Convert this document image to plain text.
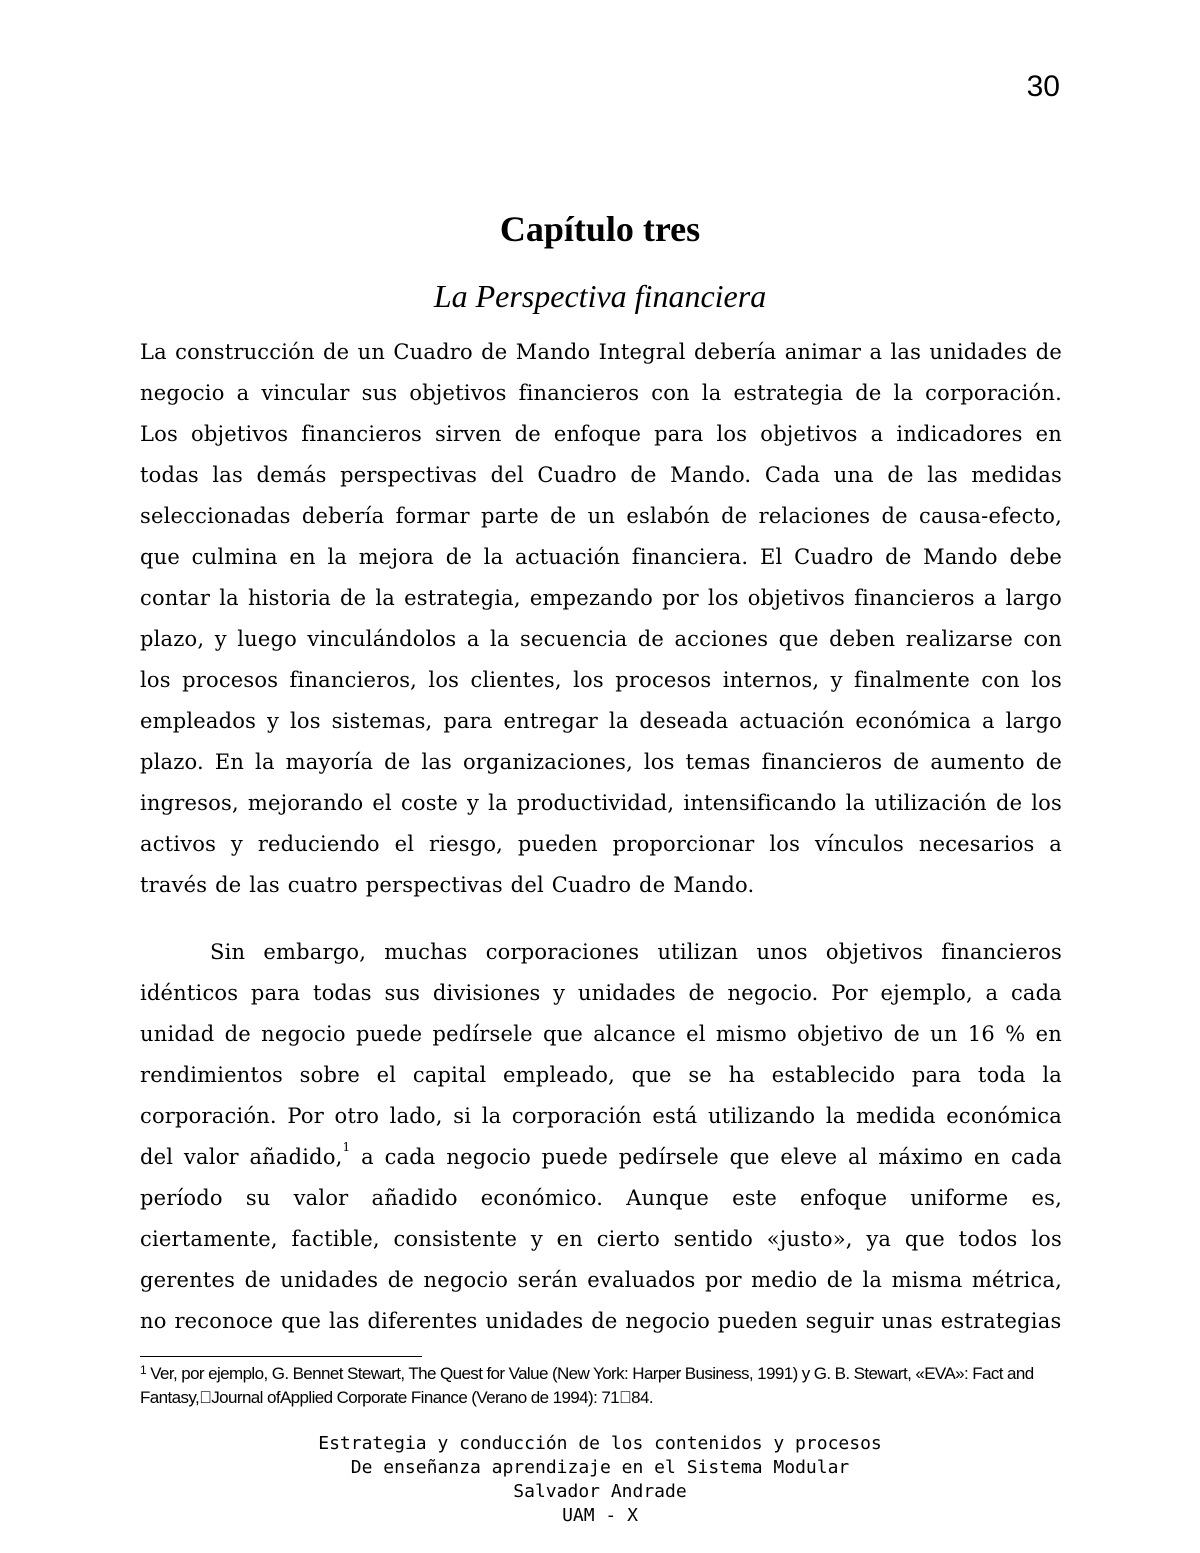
30
Capítulo tres
La Perspectiva financiera

La construcción de un Cuadro de Mando Integral debería animar a las unidades de negocio a vincular sus objetivos financieros con la estrategia de la corporación. Los objetivos financieros sirven de enfoque para los objetivos a indicadores en todas las demás perspectivas del Cuadro de Mando. Cada una de las medidas seleccionadas debería formar parte de un eslabón de relaciones de causa-efecto, que culmina en la mejora de la actuación financiera. El Cuadro de Mando debe contar la historia de la estrategia, empezando por los objetivos financieros a largo plazo, y luego vinculándolos a la secuencia de acciones que deben realizarse con los procesos financieros, los clientes, los procesos internos, y finalmente con los empleados y los sistemas, para entregar la deseada actuación económica a largo plazo. En la mayoría de las organizaciones, los temas financieros de aumento de ingresos, mejorando el coste y la productividad, intensificando la utilización de los activos y reduciendo el riesgo, pueden proporcionar los vínculos necesarios a través de las cuatro perspectivas del Cuadro de Mando.

Sin embargo, muchas corporaciones utilizan unos objetivos financieros idénticos para todas sus divisiones y unidades de negocio. Por ejemplo, a cada unidad de negocio puede pedírsele que alcance el mismo objetivo de un 16 % en rendimientos sobre el capital empleado, que se ha establecido para toda la corporación. Por otro lado, si la corporación está utilizando la medida económica del valor añadido,$^1$ a cada negocio puede pedírsele que eleve al máximo en cada período su valor añadido económico. Aunque este enfoque uniforme es, ciertamente, factible, consistente y en cierto sentido «justo», ya que todos los gerentes de unidades de negocio serán evaluados por medio de la misma métrica, no reconoce que las diferentes unidades de negocio pueden seguir unas estrategias

$^1$ Ver, por ejemplo, G. Bennet Stewart, The Quest for Value (New York: Harper Business, 1991) y G. B. Stewart, «EVA»: Fact and Fantasy, Journal ofApplied Corporate Finance (Verano de 1994): 71 84.
Estrategia y conducción de los contenidos y procesos
De enseñanza aprendizaje en el Sistema Modular
Salvador Andrade
UAM - X
